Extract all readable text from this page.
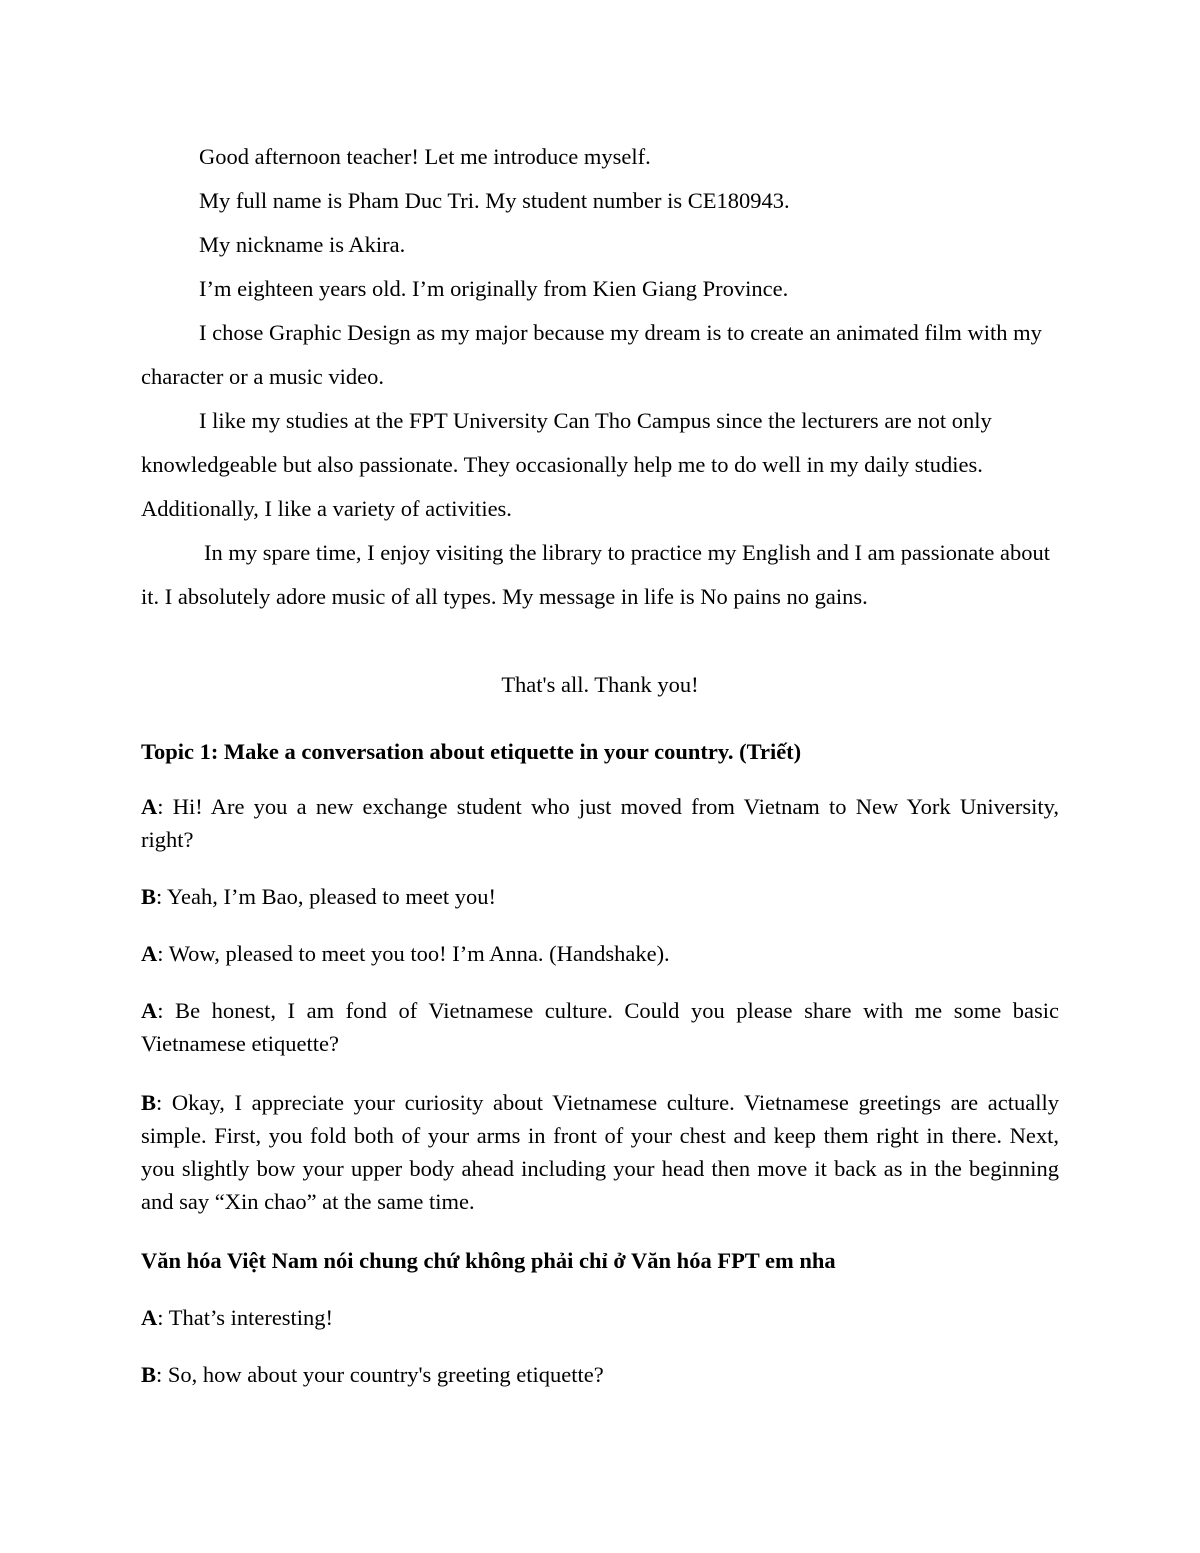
Good afternoon teacher! Let me introduce myself.

My full name is Pham Duc Tri. My student number is CE180943.

My nickname is Akira.

I’m eighteen years old. I’m originally from Kien Giang Province.

I chose Graphic Design as my major because my dream is to create an animated film with my character or a music video.

I like my studies at the FPT University Can Tho Campus since the lecturers are not only knowledgeable but also passionate. They occasionally help me to do well in my daily studies. Additionally, I like a variety of activities.

In my spare time, I enjoy visiting the library to practice my English and I am passionate about it. I absolutely adore music of all types. My message in life is No pains no gains.

That's all. Thank you!

Topic 1: Make a conversation about etiquette in your country. (Triết)

A: Hi! Are you a new exchange student who just moved from Vietnam to New York University, right?

B: Yeah, I’m Bao, pleased to meet you!

A: Wow, pleased to meet you too! I’m Anna. (Handshake).

A: Be honest, I am fond of Vietnamese culture. Could you please share with me some basic Vietnamese etiquette?

B: Okay, I appreciate your curiosity about Vietnamese culture. Vietnamese greetings are actually simple. First, you fold both of your arms in front of your chest and keep them right in there. Next, you slightly bow your upper body ahead including your head then move it back as in the beginning and say “Xin chao” at the same time.

Văn hóa Việt Nam nói chung chứ không phải chỉ ở Văn hóa FPT em nha

A: That’s interesting!

B: So, how about your country's greeting etiquette?
